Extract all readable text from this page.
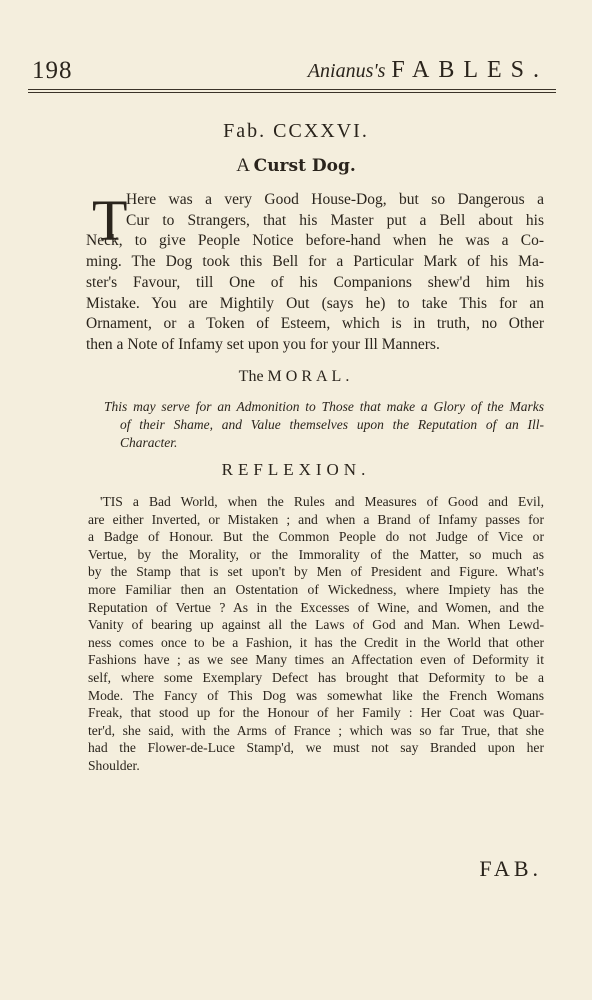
198	Anianus's FABLES.
Fab. CCXXVI.
A Curst Dog.
T
Here was a very Good House-Dog, but so Dangerous a
Cur to Strangers, that his Master put a Bell about his
Neck, to give People Notice before-hand when he was a Co-
ming. The Dog took this Bell for a Particular Mark of his Ma-
ster's Favour, till One of his Companions shew'd him his
Mistake. You are Mightily Out (says he) to take This for an
Ornament, or a Token of Esteem, which is in truth, no Other
then a Note of Infamy set upon you for your Ill Manners.
The MORAL.
This may serve for an Admonition to Those that make a Glory of the Marks
of their Shame, and Value themselves upon the Reputation of an Ill-
Character.
REFLEXION.
'TIS a Bad World, when the Rules and Measures of Good and Evil,
are either Inverted, or Mistaken ; and when a Brand of Infamy passes for
a Badge of Honour. But the Common People do not Judge of Vice or
Vertue, by the Morality, or the Immorality of the Matter, so much as
by the Stamp that is set upon't by Men of President and Figure. What's
more Familiar then an Ostentation of Wickedness, where Impiety has the
Reputation of Vertue ? As in the Excesses of Wine, and Women, and the
Vanity of bearing up against all the Laws of God and Man. When Lewd-
ness comes once to be a Fashion, it has the Credit in the World that other
Fashions have ; as we see Many times an Affectation even of Deformity it
self, where some Exemplary Defect has brought that Deformity to be a
Mode. The Fancy of This Dog was somewhat like the French Womans
Freak, that stood up for the Honour of her Family : Her Coat was Quar-
ter'd, she said, with the Arms of France ; which was so far True, that she
had the Flower-de-Luce Stamp'd, we must not say Branded upon her
Shoulder.
FAB.
